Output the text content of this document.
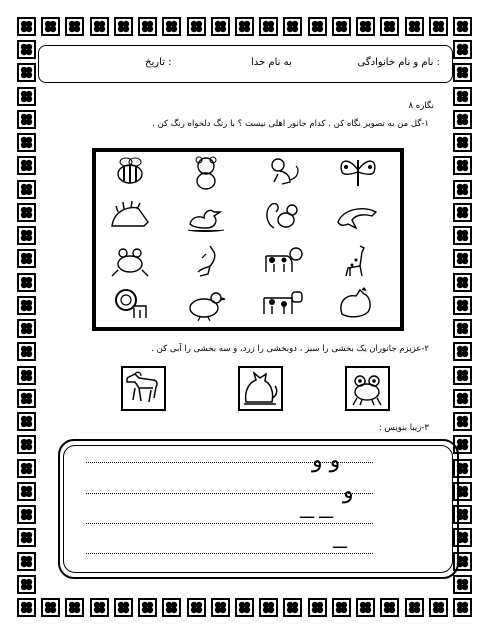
نام و نام خانوادگی :
به نام خدا
تاریخ :
نگاره ۸
۱-گل من به تصویر نگاه کن . کدام جانور اهلی نیست ؟ با رنگ دلخواه رنگ کن .
۲-عزیزم جانوران یک بخشی را سبز ، دوبخشی را زرد، و سه بخشی را آبی کن .
۳-زیبا بنویس :
و و
و
ـــ ـــ
ـــ
